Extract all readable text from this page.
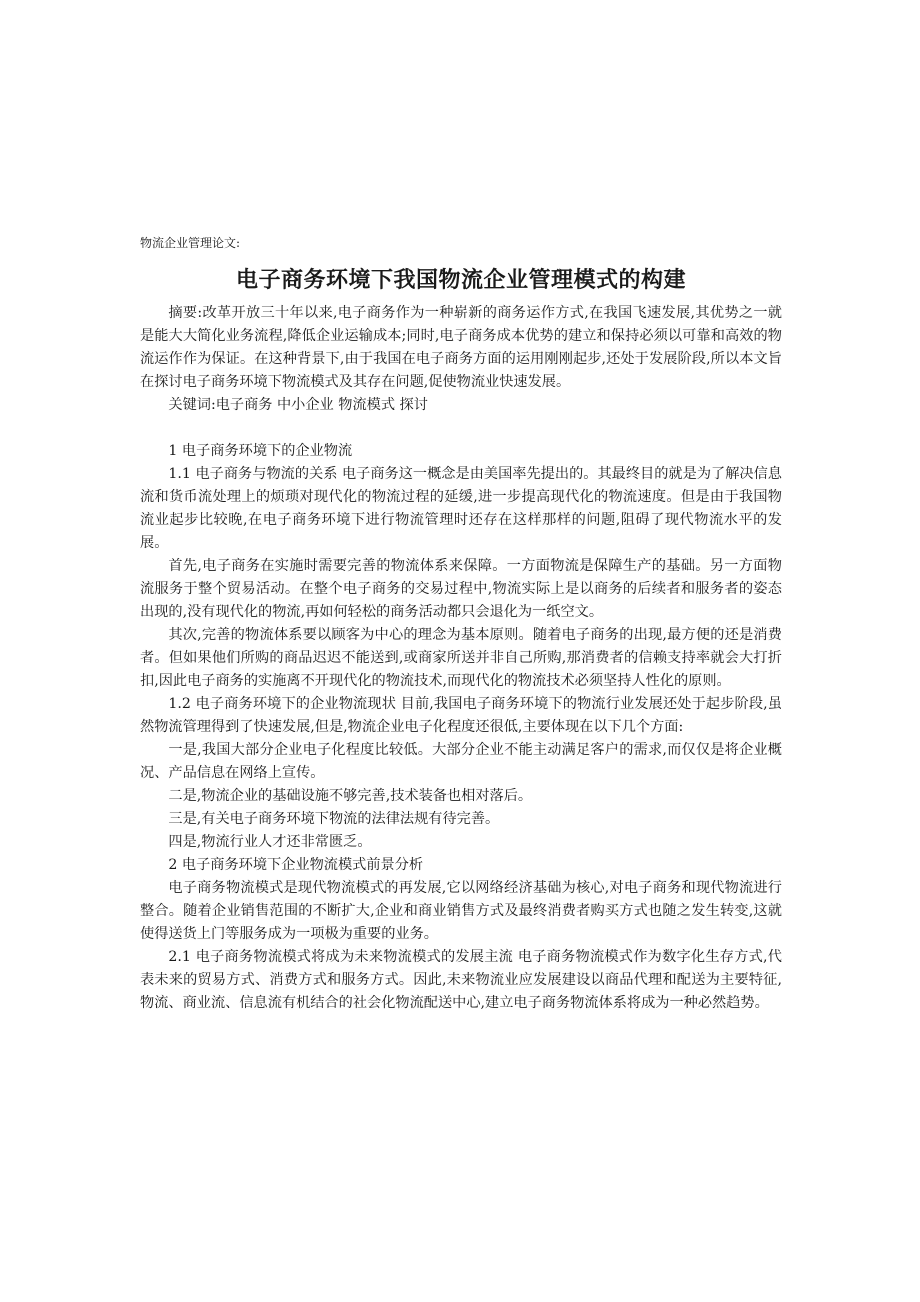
物流企业管理论文:

电子商务环境下我国物流企业管理模式的构建

摘要:改革开放三十年以来,电子商务作为一种崭新的商务运作方式,在我国飞速发展,其优势之一就是能大大简化业务流程,降低企业运输成本;同时,电子商务成本优势的建立和保持必须以可靠和高效的物流运作作为保证。在这种背景下,由于我国在电子商务方面的运用刚刚起步,还处于发展阶段,所以本文旨在探讨电子商务环境下物流模式及其存在问题,促使物流业快速发展。

关键词:电子商务 中小企业 物流模式 探讨

1 电子商务环境下的企业物流

1.1 电子商务与物流的关系 电子商务这一概念是由美国率先提出的。其最终目的就是为了解决信息流和货币流处理上的烦琐对现代化的物流过程的延缓,进一步提高现代化的物流速度。但是由于我国物流业起步比较晚,在电子商务环境下进行物流管理时还存在这样那样的问题,阻碍了现代物流水平的发展。

首先,电子商务在实施时需要完善的物流体系来保障。一方面物流是保障生产的基础。另一方面物流服务于整个贸易活动。在整个电子商务的交易过程中,物流实际上是以商务的后续者和服务者的姿态出现的,没有现代化的物流,再如何轻松的商务活动都只会退化为一纸空文。

其次,完善的物流体系要以顾客为中心的理念为基本原则。随着电子商务的出现,最方便的还是消费者。但如果他们所购的商品迟迟不能送到,或商家所送并非自己所购,那消费者的信赖支持率就会大打折扣,因此电子商务的实施离不开现代化的物流技术,而现代化的物流技术必须坚持人性化的原则。

1.2 电子商务环境下的企业物流现状 目前,我国电子商务环境下的物流行业发展还处于起步阶段,虽然物流管理得到了快速发展,但是,物流企业电子化程度还很低,主要体现在以下几个方面:

一是,我国大部分企业电子化程度比较低。大部分企业不能主动满足客户的需求,而仅仅是将企业概况、产品信息在网络上宣传。

二是,物流企业的基础设施不够完善,技术装备也相对落后。

三是,有关电子商务环境下物流的法律法规有待完善。

四是,物流行业人才还非常匮乏。

2 电子商务环境下企业物流模式前景分析

电子商务物流模式是现代物流模式的再发展,它以网络经济基础为核心,对电子商务和现代物流进行整合。随着企业销售范围的不断扩大,企业和商业销售方式及最终消费者购买方式也随之发生转变,这就使得送货上门等服务成为一项极为重要的业务。

2.1 电子商务物流模式将成为未来物流模式的发展主流 电子商务物流模式作为数字化生存方式,代表未来的贸易方式、消费方式和服务方式。因此,未来物流业应发展建设以商品代理和配送为主要特征,物流、商业流、信息流有机结合的社会化物流配送中心,建立电子商务物流体系将成为一种必然趋势。
